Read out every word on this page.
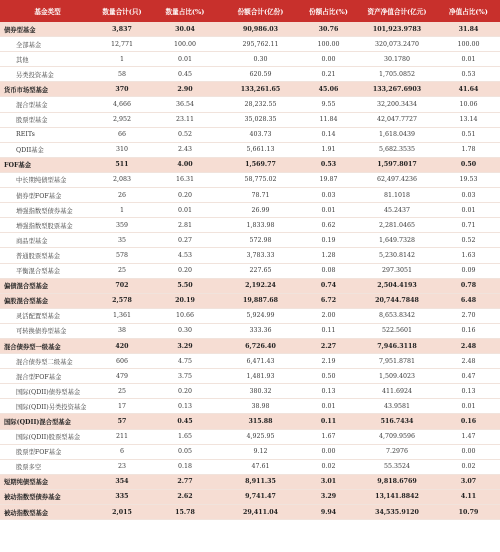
基金类型	数量合计(只)	数量占比(%)	份额合计(亿份)	份额占比(%)	资产净值合计(亿元)	净值占比(%)
债券型基金	3,837	30.04	90,986.03	30.76	101,923.9783	31.84
全部基金	12,771	100.00	295,762.11	100.00	320,073.2470	100.00
其他	1	0.01	0.30	0.00	30.1780	0.01
另类投资基金	58	0.45	620.59	0.21	1,705.0852	0.53
货币市场型基金	370	2.90	133,261.65	45.06	133,267.6903	41.64
混合型基金	4,666	36.54	28,232.55	9.55	32,200.3434	10.06
股票型基金	2,952	23.11	35,028.35	11.84	42,047.7727	13.14
REITs	66	0.52	403.73	0.14	1,618.0439	0.51
QDII基金	310	2.43	5,661.13	1.91	5,682.3535	1.78
FOF基金	511	4.00	1,569.77	0.53	1,597.8017	0.50
中长期纯债型基金	2,083	16.31	58,775.02	19.87	62,497.4236	19.53
债券型FOF基金	26	0.20	78.71	0.03	81.1018	0.03
增强指数型债券基金	1	0.01	26.99	0.01	45.2437	0.01
增强指数型股票基金	359	2.81	1,833.98	0.62	2,281.0465	0.71
商品型基金	35	0.27	572.98	0.19	1,649.7328	0.52
普通股票型基金	578	4.53	3,783.33	1.28	5,230.8142	1.63
平衡混合型基金	25	0.20	227.65	0.08	297.3051	0.09
偏债混合型基金	702	5.50	2,192.24	0.74	2,504.4193	0.78
偏股混合型基金	2,578	20.19	19,887.68	6.72	20,744.7848	6.48
灵活配置型基金	1,361	10.66	5,924.99	2.00	8,653.8342	2.70
可转换债券型基金	38	0.30	333.36	0.11	522.5601	0.16
混合债券型一级基金	420	3.29	6,726.40	2.27	7,946.3118	2.48
混合债券型二级基金	606	4.75	6,471.43	2.19	7,951.8781	2.48
混合型FOF基金	479	3.75	1,481.93	0.50	1,509.4023	0.47
国际(QDII)债券型基金	25	0.20	380.32	0.13	411.6924	0.13
国际(QDII)另类投资基金	17	0.13	38.98	0.01	43.9581	0.01
国际(QDII)混合型基金	57	0.45	315.88	0.11	516.7434	0.16
国际(QDII)股票型基金	211	1.65	4,925.95	1.67	4,709.9596	1.47
股票型FOF基金	6	0.05	9.12	0.00	7.2976	0.00
股票多空	23	0.18	47.61	0.02	55.3524	0.02
短期纯债型基金	354	2.77	8,911.35	3.01	9,818.6769	3.07
被动指数型债券基金	335	2.62	9,741.47	3.29	13,141.8842	4.11
被动指数型基金	2,015	15.78	29,411.04	9.94	34,535.9120	10.79
